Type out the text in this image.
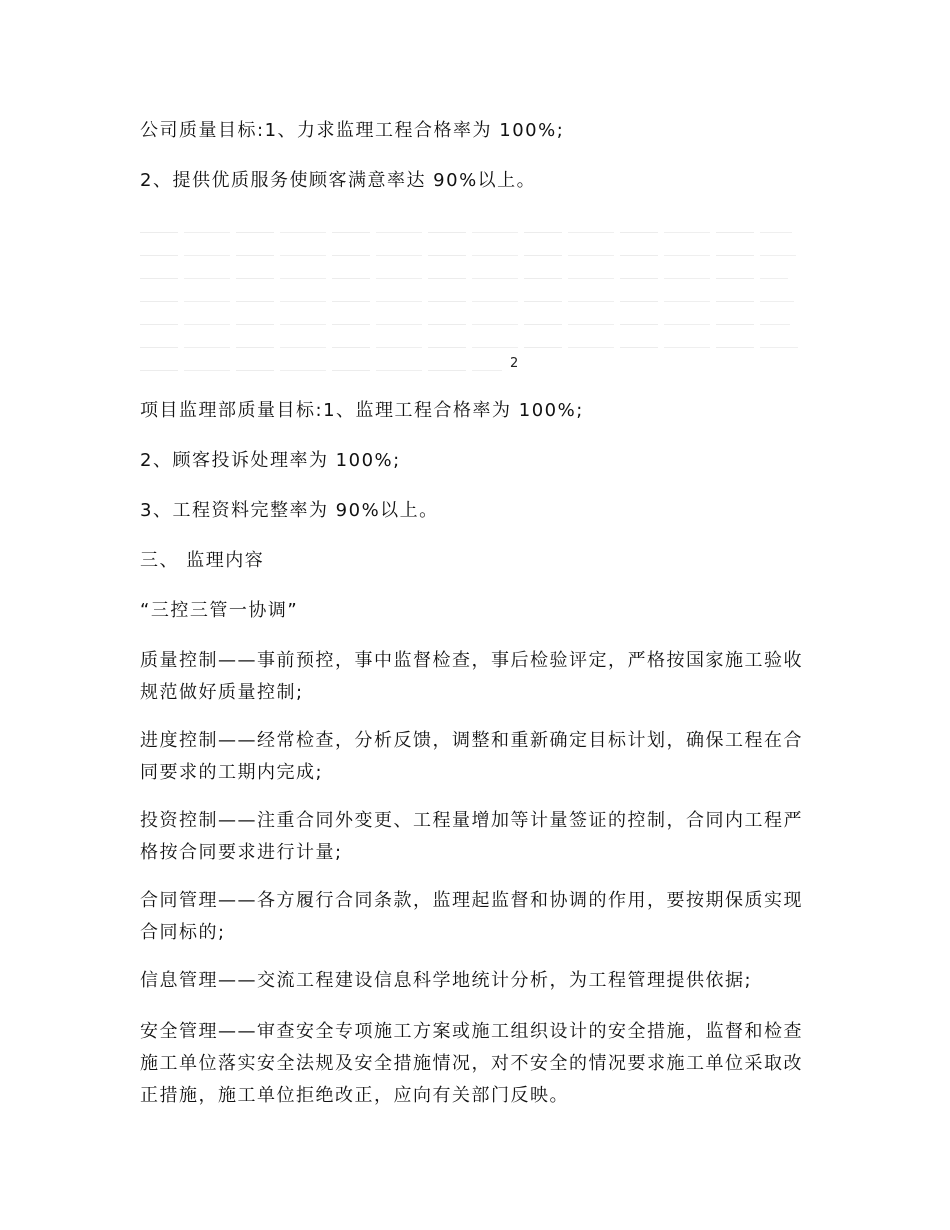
公司质量目标:1、力求监理工程合格率为 100%;
2、提供优质服务使顾客满意率达 90%以上。
2
项目监理部质量目标:1、监理工程合格率为 100%;
2、顾客投诉处理率为 100%;
3、工程资料完整率为 90%以上。
三、 监理内容
“三控三管一协调”
质量控制——事前预控，事中监督检查，事后检验评定，严格按国家施工验收规范做好质量控制;
进度控制——经常检查，分析反馈，调整和重新确定目标计划，确保工程在合同要求的工期内完成;
投资控制——注重合同外变更、工程量增加等计量签证的控制，合同内工程严格按合同要求进行计量;
合同管理——各方履行合同条款，监理起监督和协调的作用，要按期保质实现合同标的;
信息管理——交流工程建设信息科学地统计分析，为工程管理提供依据;
安全管理——审查安全专项施工方案或施工组织设计的安全措施，监督和检查施工单位落实安全法规及安全措施情况，对不安全的情况要求施工单位采取改正措施，施工单位拒绝改正，应向有关部门反映。
